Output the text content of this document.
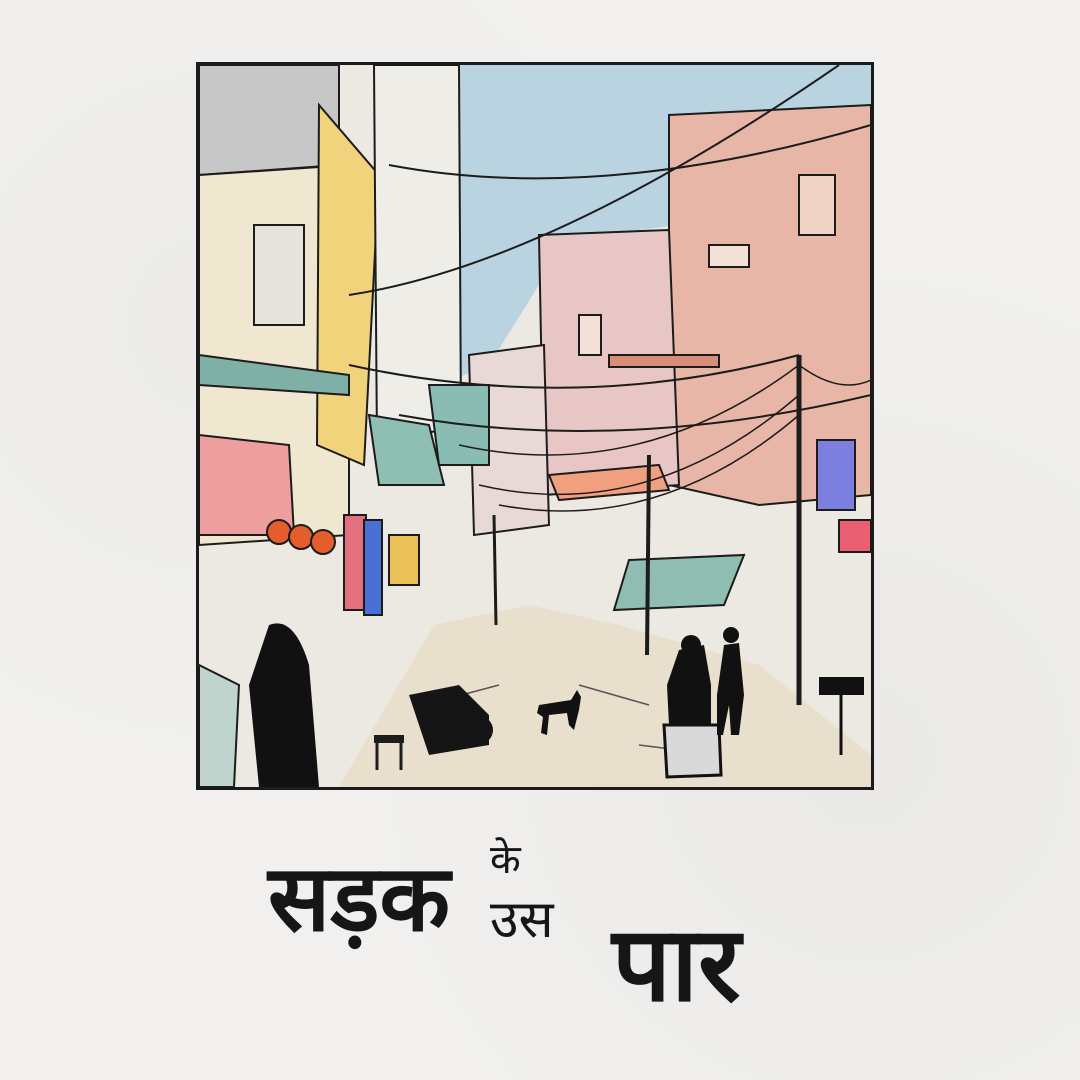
सड़क के
उस पार
